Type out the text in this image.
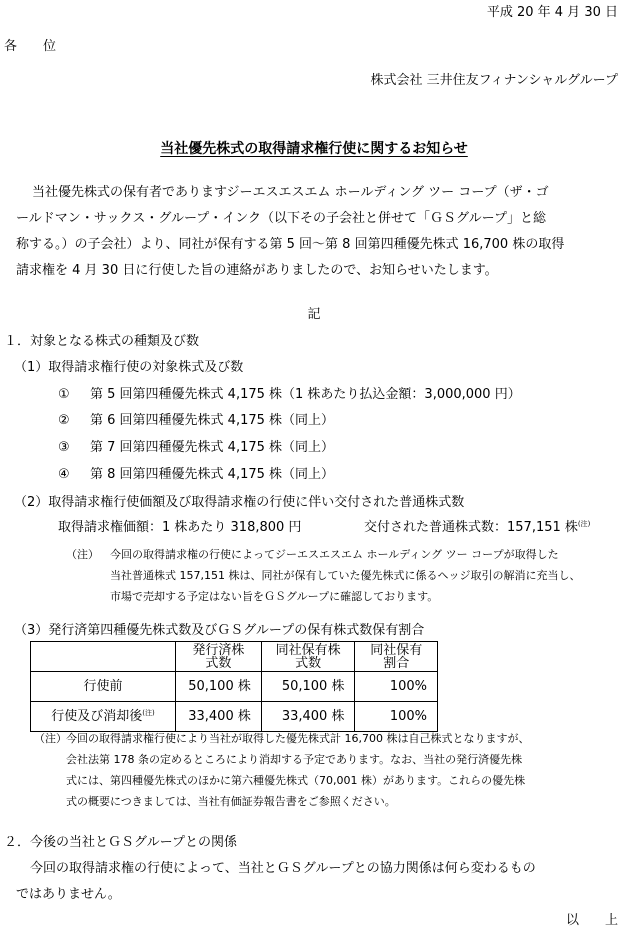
平成 20 年 4 月 30 日
各　　位
株式会社 三井住友フィナンシャルグループ
当社優先株式の取得請求権行使に関するお知らせ
当社優先株式の保有者でありますジーエスエスエム ホールディング ツー コープ（ザ・ゴ
ールドマン・サックス・グループ・インク（以下その子会社と併せて「ＧＳグループ」と総
称する。）の子会社）より、同社が保有する第 5 回～第 8 回第四種優先株式 16,700 株の取得
請求権を 4 月 30 日に行使した旨の連絡がありましたので、お知らせいたします。
記
１．対象となる株式の種類及び数
（1）取得請求権行使の対象株式及び数
① 第 5 回第四種優先株式 4,175 株（1 株あたり払込金額：3,000,000 円）
② 第 6 回第四種優先株式 4,175 株（同上）
③ 第 7 回第四種優先株式 4,175 株（同上）
④ 第 8 回第四種優先株式 4,175 株（同上）
（2）取得請求権行使価額及び取得請求権の行使に伴い交付された普通株式数
取得請求権価額：1 株あたり 318,800 円	交付された普通株式数：157,151 株$^{(注)}$
（注） 今回の取得請求権の行使によってジーエスエスエム ホールディング ツー コープが取得した
当社普通株式 157,151 株は、同社が保有していた優先株式に係るヘッジ取引の解消に充当し、
市場で売却する予定はない旨をＧＳグループに確認しております。
（3）発行済第四種優先株式数及びＧＳグループの保有株式数保有割合
	発行済株式数	同社保有株式数	同社保有割合
行使前	50,100 株	50,100 株	100%
行使及び消却後$^{(注)}$	33,400 株	33,400 株	100%
（注） 今回の取得請求権行使により当社が取得した優先株式計 16,700 株は自己株式となりますが、
会社法第 178 条の定めるところにより消却する予定であります。なお、当社の発行済優先株
式には、第四種優先株式のほかに第六種優先株式（70,001 株）があります。これらの優先株
式の概要につきましては、当社有価証券報告書をご参照ください。
２．今後の当社とＧＳグループとの関係
今回の取得請求権の行使によって、当社とＧＳグループとの協力関係は何ら変わるもの
ではありません。
以　　上
